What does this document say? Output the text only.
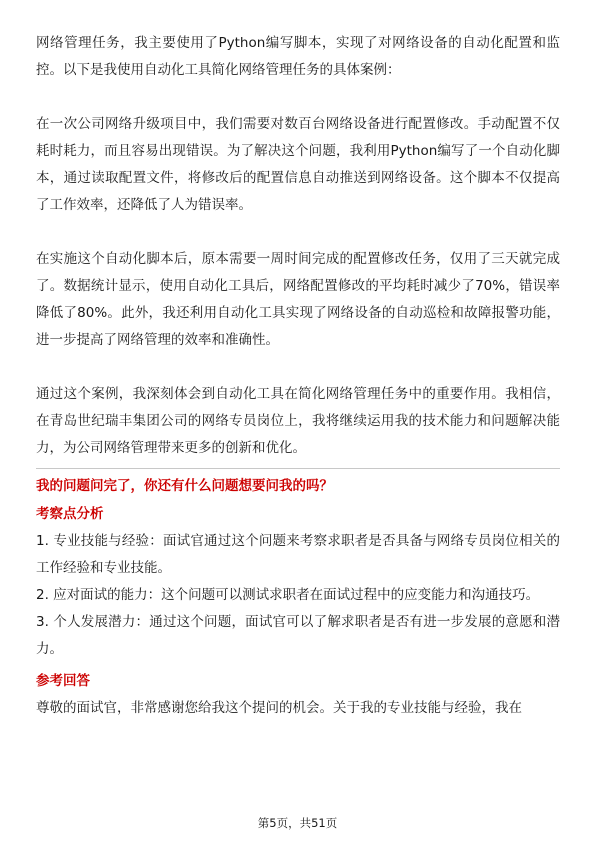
网络管理任务，我主要使用了Python编写脚本，实现了对网络设备的自动化配置和监控。以下是我使用自动化工具简化网络管理任务的具体案例：

在一次公司网络升级项目中，我们需要对数百台网络设备进行配置修改。手动配置不仅耗时耗力，而且容易出现错误。为了解决这个问题，我利用Python编写了一个自动化脚本，通过读取配置文件，将修改后的配置信息自动推送到网络设备。这个脚本不仅提高了工作效率，还降低了人为错误率。

在实施这个自动化脚本后，原本需要一周时间完成的配置修改任务，仅用了三天就完成了。数据统计显示，使用自动化工具后，网络配置修改的平均耗时减少了70%，错误率降低了80%。此外，我还利用自动化工具实现了网络设备的自动巡检和故障报警功能，进一步提高了网络管理的效率和准确性。

通过这个案例，我深刻体会到自动化工具在简化网络管理任务中的重要作用。我相信，在青岛世纪瑞丰集团公司的网络专员岗位上，我将继续运用我的技术能力和问题解决能力，为公司网络管理带来更多的创新和优化。

我的问题问完了，你还有什么问题想要问我的吗？

考察点分析

1. 专业技能与经验：面试官通过这个问题来考察求职者是否具备与网络专员岗位相关的工作经验和专业技能。

2. 应对面试的能力：这个问题可以测试求职者在面试过程中的应变能力和沟通技巧。

3. 个人发展潜力：通过这个问题，面试官可以了解求职者是否有进一步发展的意愿和潜力。

参考回答

尊敬的面试官，非常感谢您给我这个提问的机会。关于我的专业技能与经验，我在

第5页，共51页
